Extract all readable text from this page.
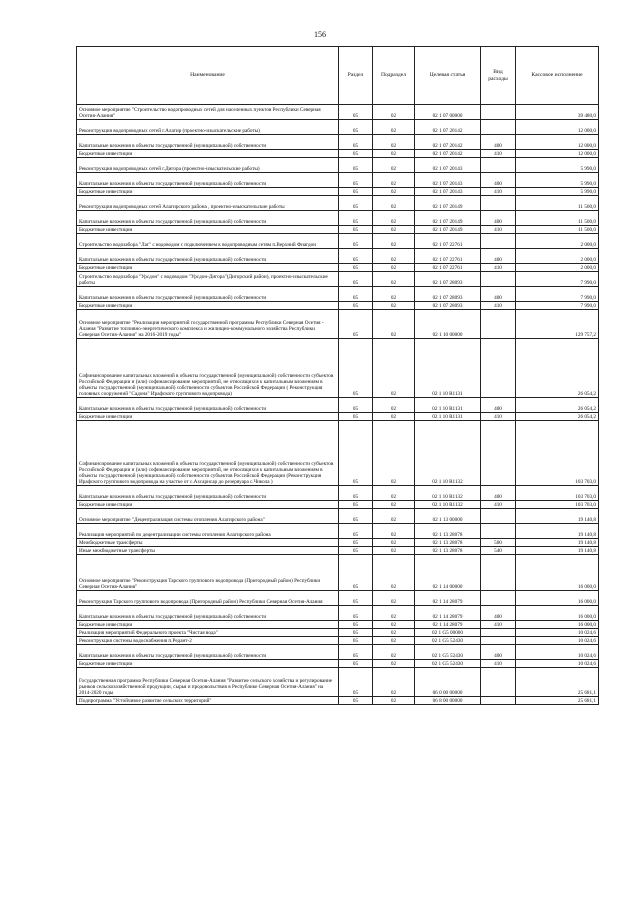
156
Наименование	Раздел	Подраздел	Целевая статья	Вид расходы	Кассовое исполнение
Основное мероприятие "Строительство водопроводных сетей для населенных пунктов Республики Северная Осетия-Алания"	05	02	02 1 07 00000		39 480,0
Реконструкция водопроводных сетей г.Алагир (проектно-изыскательские работы)	05	02	02 1 07 20142		12 000,0
Капитальные вложения в объекты государственной (муниципальной) собственности	05	02	02 1 07 20142	400	12 000,0
Бюджетные инвестиции	05	02	02 1 07 20142	410	12 000,0
Реконструкция водопроводных сетей г.Дигора (проектно-изыскательские работы)	05	02	02 1 07 20143		5 990,0
Капитальные вложения в объекты государственной (муниципальной) собственности	05	02	02 1 07 20143	400	5 990,0
Бюджетные инвестиции	05	02	02 1 07 20143	410	5 990,0
Реконструкция водопроводных сетей Алагирского района , проектно-изыскательские работы	05	02	02 1 07 20149		11 500,0
Капитальные вложения в объекты государственной (муниципальной) собственности	05	02	02 1 07 20149	400	11 500,0
Бюджетные инвестиции	05	02	02 1 07 20149	410	11 500,0
Строительство водозабора "Лаг" с водоводом с подключением к водопроводным сетям п.Верхний Фиагдон	05	02	02 1 07 22761		2 000,0
Капитальные вложения в объекты государственной (муниципальной) собственности	05	02	02 1 07 22761	400	2 000,0
Бюджетные инвестиции	05	02	02 1 07 22761	410	2 000,0
Строительство водозабора "Урсдон" с водоводом "Урсдон-Дигора"(Дигорский район), проектно-изыскательские работы	05	02	02 1 07 28093		7 990,0
Капитальные вложения в объекты государственной (муниципальной) собственности	05	02	02 1 07 28093	400	7 990,0
Бюджетные инвестиции	05	02	02 1 07 28093	410	7 990,0
Основное мероприятие "Реализация мероприятий государственной программы Республики Северная Осетия - Алания "Развитие топливно-энергетического комплекса и жилищно-коммунального хозяйства Республики Северная Осетия-Алания" на 2016-2019 годы"	05	02	02 1 10 00000		129 757,2
Софинансирование капитальных вложений в объекты государственной (муниципальной) собственности субъектов Российской Федерации и (или) софинансирование мероприятий, не относящихся к капитальным вложениям в объекты государственной (муниципальной) собственности субъектов Российской Федерации ( Реконструкция головных сооружений "Садона" Ирафского группового водопровода)	05	02	02 1 10 R1131		26 054,2
Капитальные вложения в объекты государственной (муниципальной) собственности	05	02	02 1 10 R1131	400	26 054,2
Бюджетные инвестиции	05	02	02 1 10 R1131	410	26 054,2
Софинансирование капитальных вложений в объекты государственной (муниципальной) собственности субъектов Российской Федерации и (или) софинансирование мероприятий, не относящихся к капитальным вложениям в объекты государственной (муниципальной) собственности субъектов Российской Федерации (Реконструкция Ирафского группового водопровода на участке от с.Ахсарисар до резервуара с.Чикола )	05	02	02 1 10 R1132		103 703,0
Капитальные вложения в объекты государственной (муниципальной) собственности	05	02	02 1 10 R1132	400	103 703,0
Бюджетные инвестиции	05	02	02 1 10 R1132	410	103 703,0
Основное мероприятие "Децентрализация системы отопления Алагирского района"	05	02	02 1 13 00000		19 140,8
Реализация мероприятий по децентрализации системы отопления Алагирского района	05	02	02 1 13 28078		19 140,8
Межбюджетные трансферты	05	02	02 1 13 28078	500	19 140,8
Иные межбюджетные трансферты	05	02	02 1 13 28078	540	19 140,8
Основное мероприятие "Реконструкция Тарского группового водопровода (Пригородный район) Республики Северная Осетия-Алания"	05	02	02 1 14 00000		16 000,0
Реконструкция Тарского группового водопровода (Пригородный район) Республики Северная Осетия-Алания	05	02	02 1 14 28079		16 000,0
Капитальные вложения в объекты государственной (муниципальной) собственности	05	02	02 1 14 28079	400	16 000,0
Бюджетные инвестиции	05	02	02 1 14 28079	410	16 000,0
Реализация мероприятий Федерального проекта "Чистая вода"	05	02	02 1 G5 00000		10 024,6
Реконструкция системы водоснабжения п.Редант-2	05	02	02 1 G5 52430		10 024,6
Капитальные вложения в объекты государственной (муниципальной) собственности	05	02	02 1 G5 52430	400	10 024,6
Бюджетные инвестиции	05	02	02 1 G5 52430	410	10 024,6
Государственная программа Республики Северная Осетия-Алания "Развитие сельского хозяйства и регулирование рынков сельскохозяйственной продукции, сырья и продовольствия в Республике Северная Осетия-Алания" на 2014-2020 годы	05	02	06 0 00 00000		25 681,1
Подпрограмма "Устойчивое развитие сельских территорий"	05	02	06 8 00 00000		25 681,1
